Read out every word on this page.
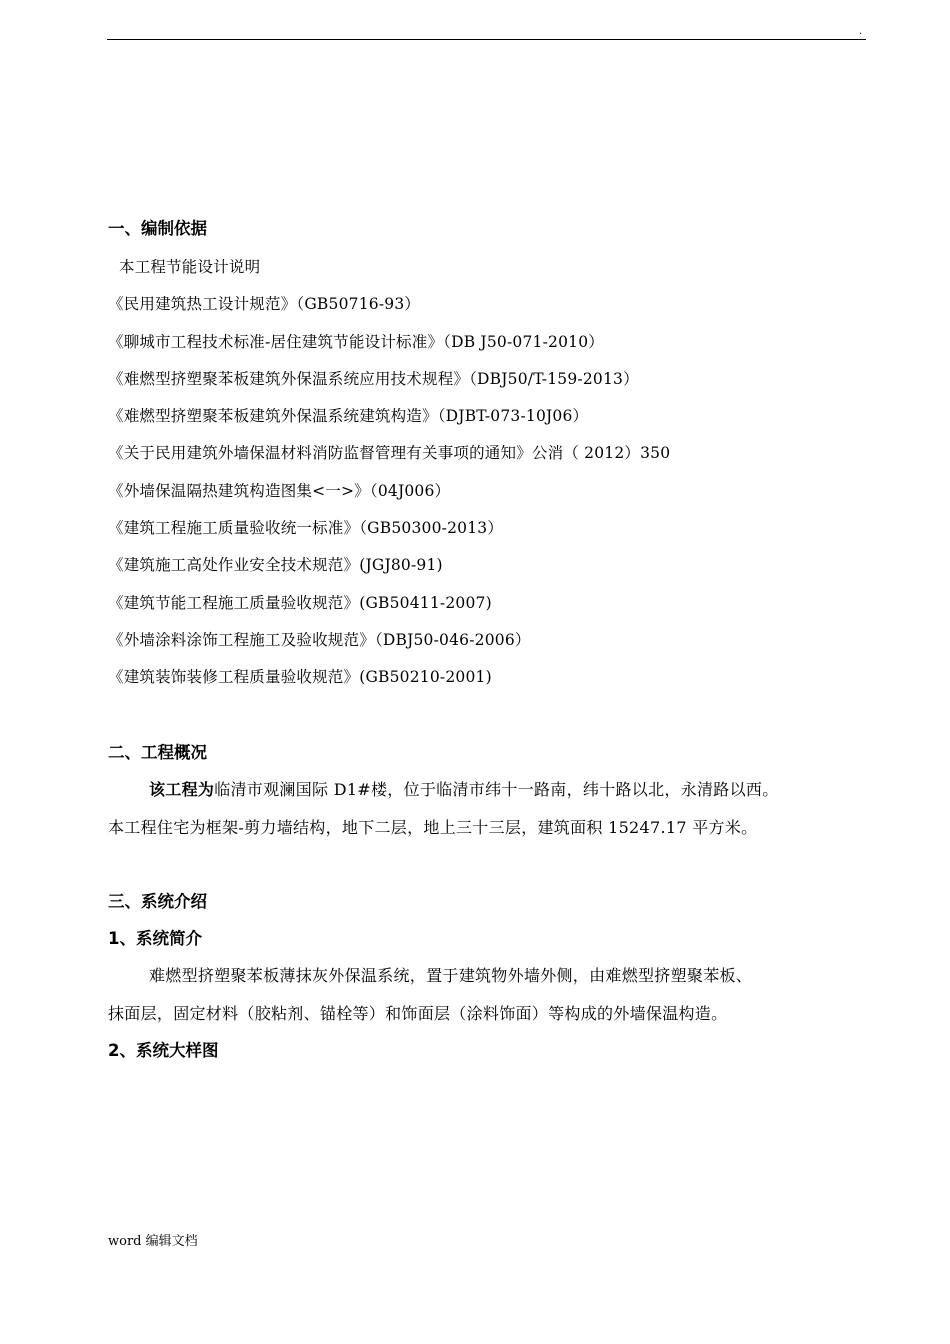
.
一、编制依据
本工程节能设计说明
《民用建筑热工设计规范》（GB50716-93）
《聊城市工程技术标准-居住建筑节能设计标准》（DB J50-071-2010）
《难燃型挤塑聚苯板建筑外保温系统应用技术规程》（DBJ50/T-159-2013）
《难燃型挤塑聚苯板建筑外保温系统建筑构造》（DJBT-073-10J06）
《关于民用建筑外墙保温材料消防监督管理有关事项的通知》公消（ 2012）350
《外墙保温隔热建筑构造图集<一>》（04J006）
《建筑工程施工质量验收统一标准》（GB50300-2013）
《建筑施工高处作业安全技术规范》(JGJ80-91)
《建筑节能工程施工质量验收规范》(GB50411-2007)
《外墙涂料涂饰工程施工及验收规范》（DBJ50-046-2006）
《建筑装饰装修工程质量验收规范》(GB50210-2001)
二、工程概况
该工程为临清市观澜国际 D1#楼，位于临清市纬十一路南，纬十路以北，永清路以西。
本工程住宅为框架-剪力墙结构，地下二层，地上三十三层，建筑面积 15247.17 平方米。
三、系统介绍
1、系统简介
难燃型挤塑聚苯板薄抹灰外保温系统，置于建筑物外墙外侧，由难燃型挤塑聚苯板、
抹面层，固定材料（胶粘剂、锚栓等）和饰面层（涂料饰面）等构成的外墙保温构造。
2、系统大样图
word 编辑文档
